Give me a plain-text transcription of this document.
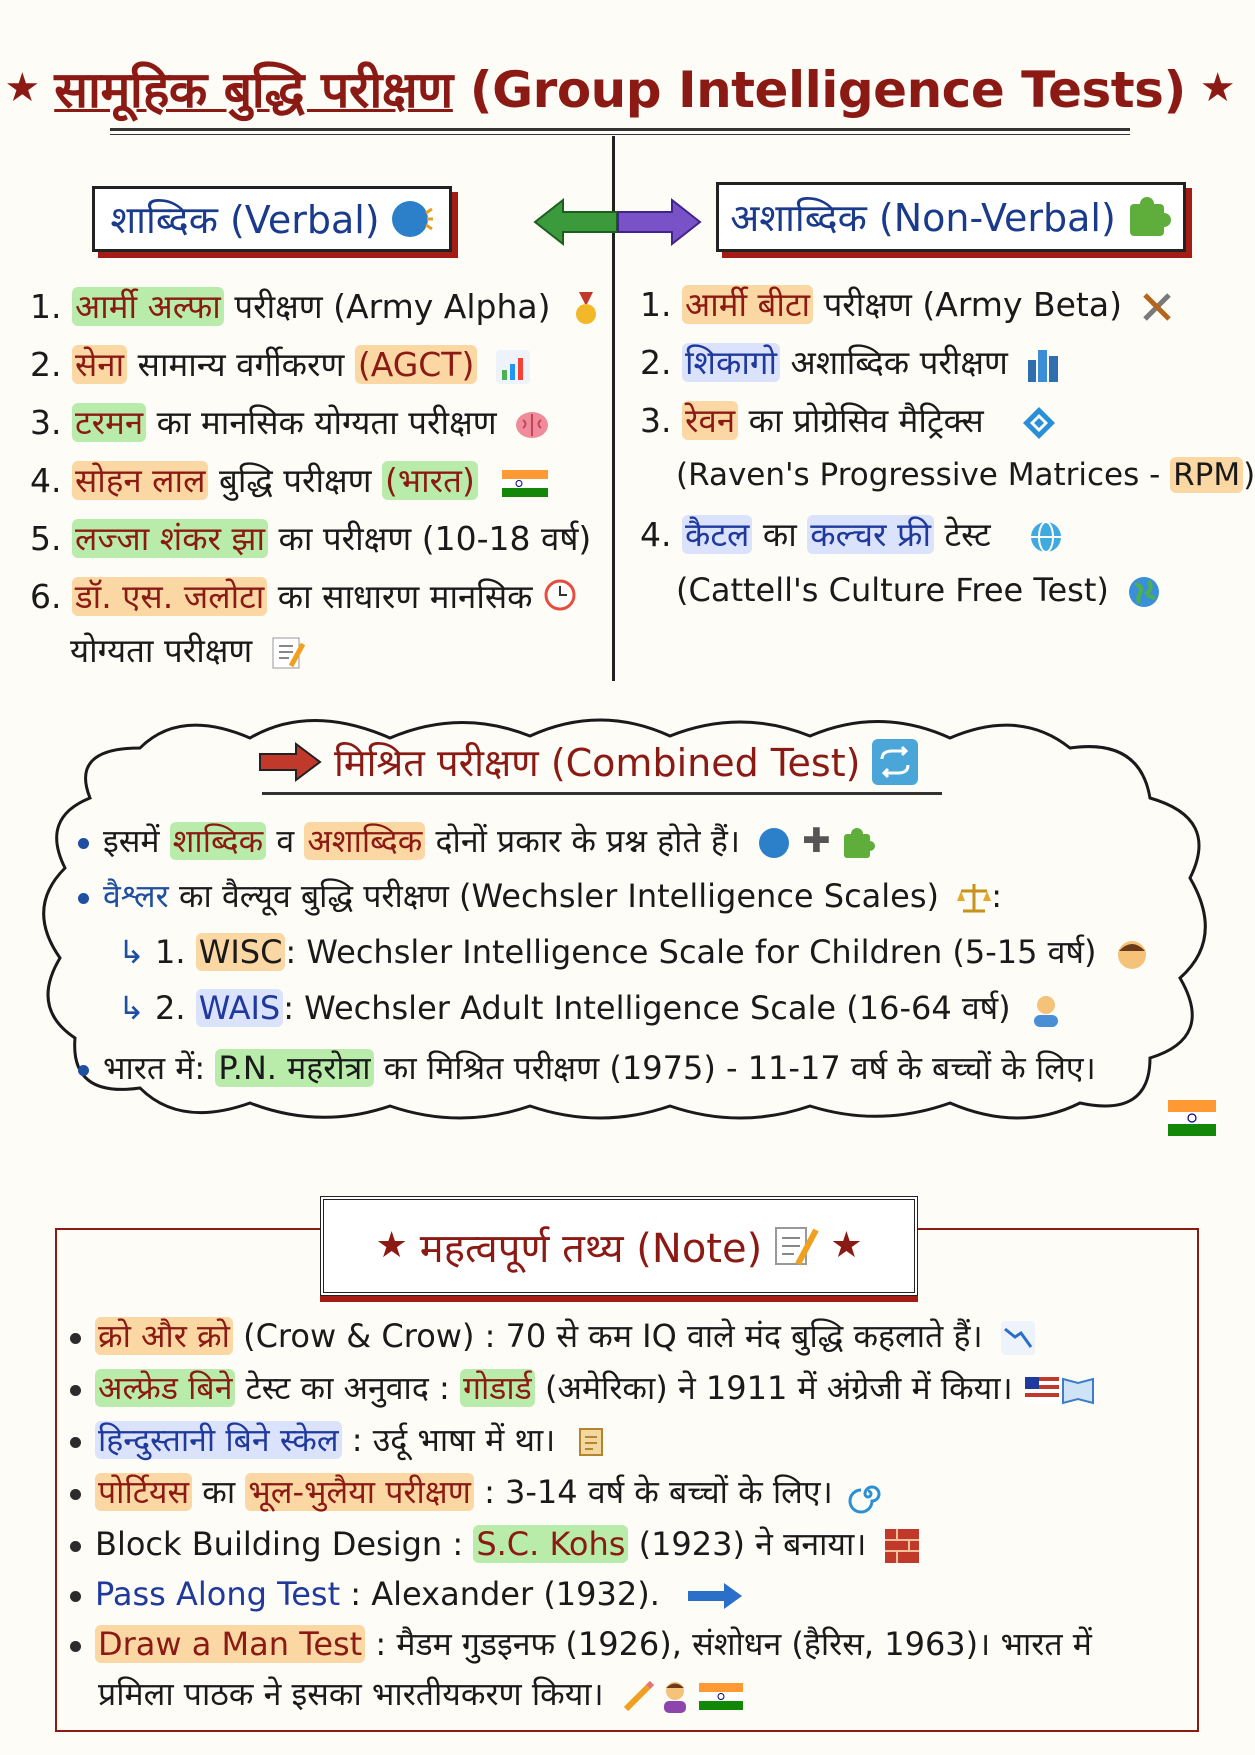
★ सामूहिक बुद्धि परीक्षण (Group Intelligence Tests) ★
शाब्दिक (Verbal)	अशाब्दिक (Non-Verbal)
1. आर्मी अल्फा परीक्षण (Army Alpha)
2. सेना सामान्य वर्गीकरण (AGCT)
3. टरमन का मानसिक योग्यता परीक्षण
4. सोहन लाल बुद्धि परीक्षण (भारत)
5. लज्जा शंकर झा का परीक्षण (10-18 वर्ष)
6. डॉ. एस. जलोटा का साधारण मानसिक
योग्यता परीक्षण
1. आर्मी बीटा परीक्षण (Army Beta)
2. शिकागो अशाब्दिक परीक्षण
3. रेवन का प्रोग्रेसिव मैट्रिक्स
(Raven's Progressive Matrices - RPM)
4. कैटल का कल्चर फ्री टेस्ट
(Cattell's Culture Free Test)
मिश्रित परीक्षण (Combined Test)
इसमें शाब्दिक व अशाब्दिक दोनों प्रकार के प्रश्न होते हैं। ✚
वैश्लर का वैल्यूव बुद्धि परीक्षण (Wechsler Intelligence Scales) :
↳ 1. WISC: Wechsler Intelligence Scale for Children (5-15 वर्ष)
↳ 2. WAIS: Wechsler Adult Intelligence Scale (16-64 वर्ष)
भारत में: P.N. महरोत्रा का मिश्रित परीक्षण (1975) - 11-17 वर्ष के बच्चों के लिए।
★ महत्वपूर्ण तथ्य (Note) ★
क्रो और क्रो (Crow & Crow) : 70 से कम IQ वाले मंद बुद्धि कहलाते हैं।
अल्फ्रेड बिने टेस्ट का अनुवाद : गोडार्ड (अमेरिका) ने 1911 में अंग्रेजी में किया।
हिन्दुस्तानी बिने स्केल : उर्दू भाषा में था।
पोर्टियस का भूल-भुलैया परीक्षण : 3-14 वर्ष के बच्चों के लिए।
Block Building Design : S.C. Kohs (1923) ने बनाया।
Pass Along Test : Alexander (1932).
Draw a Man Test : मैडम गुडइनफ (1926), संशोधन (हैरिस, 1963)। भारत में
प्रमिला पाठक ने इसका भारतीयकरण किया।
